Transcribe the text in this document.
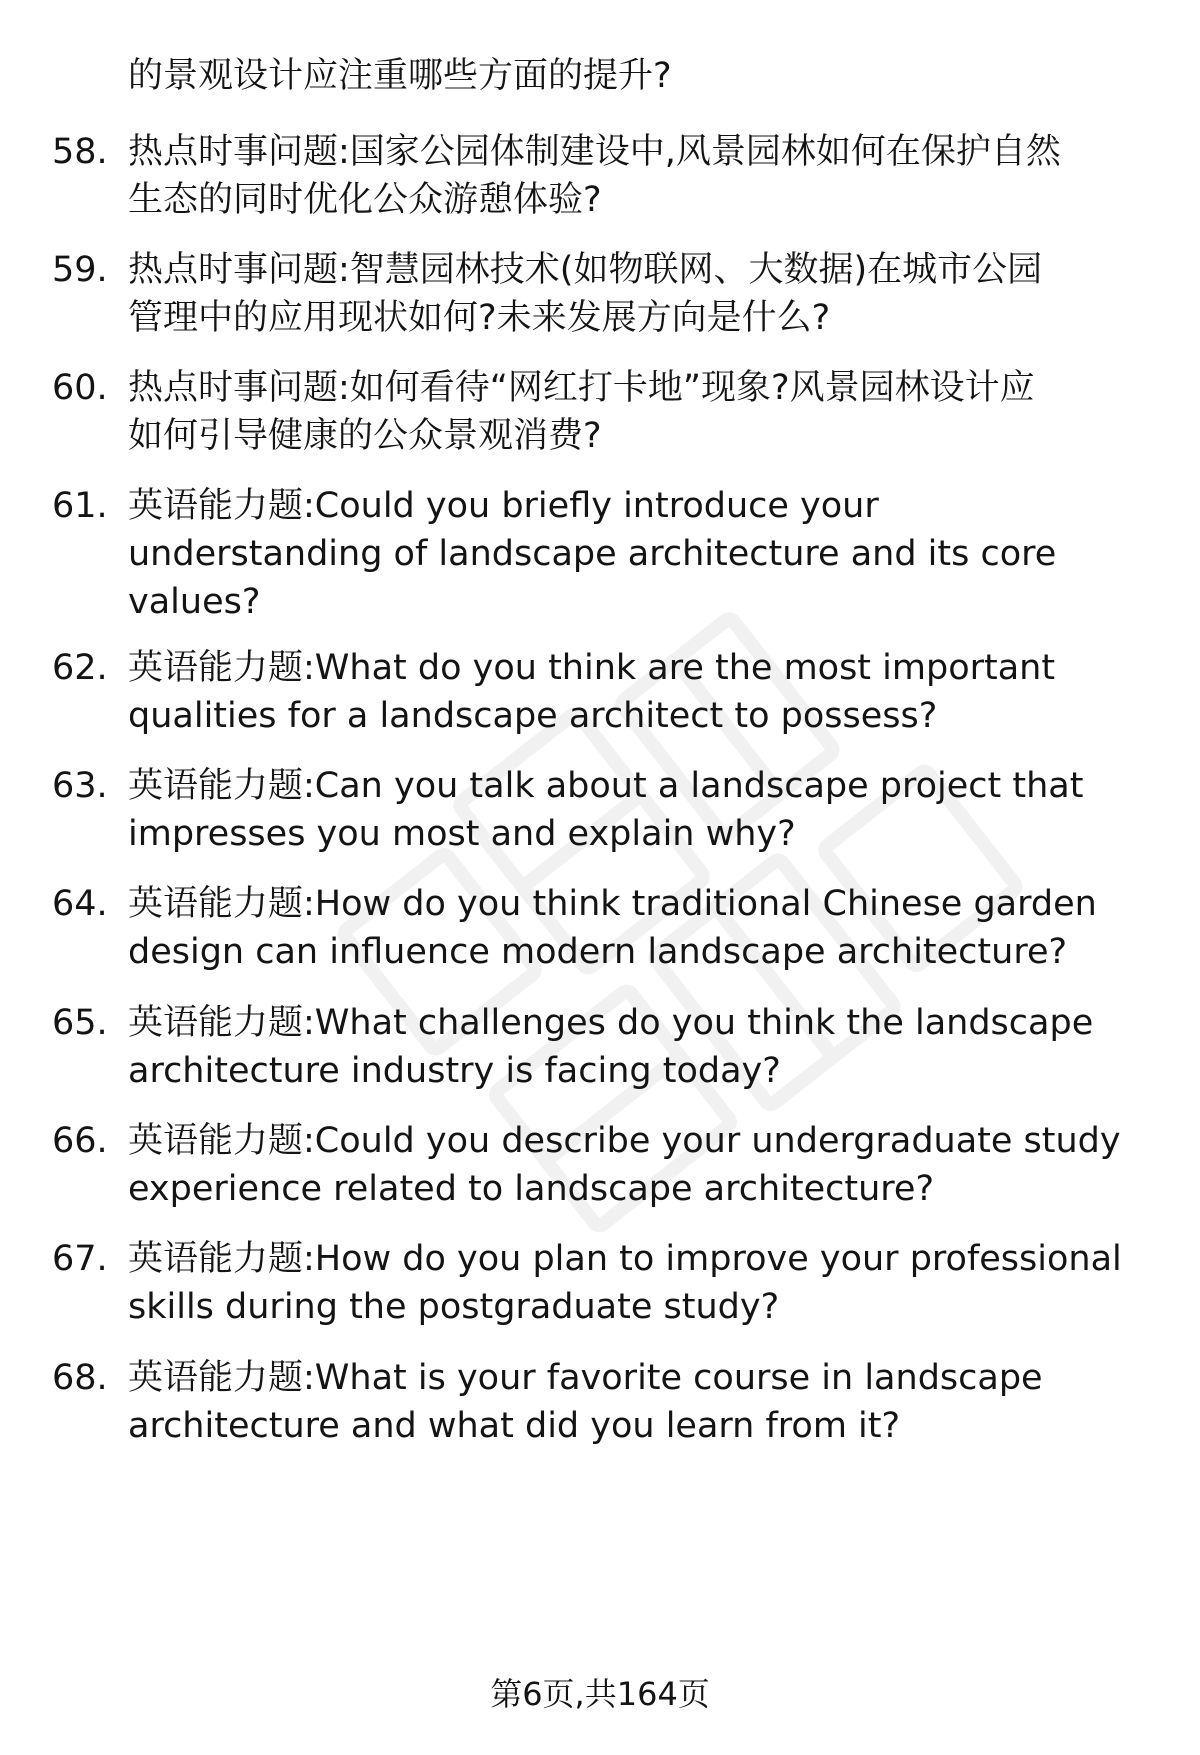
的景观设计应注重哪些方面的提升?
58. 热点时事问题:国家公园体制建设中,风景园林如何在保护自然
生态的同时优化公众游憩体验?
59. 热点时事问题:智慧园林技术(如物联网、大数据)在城市公园
管理中的应用现状如何?未来发展方向是什么?
60. 热点时事问题:如何看待“网红打卡地”现象?风景园林设计应
如何引导健康的公众景观消费?
61. 英语能力题:Could you briefly introduce your
understanding of landscape architecture and its core
values?
62. 英语能力题:What do you think are the most important
qualities for a landscape architect to possess?
63. 英语能力题:Can you talk about a landscape project that
impresses you most and explain why?
64. 英语能力题:How do you think traditional Chinese garden
design can influence modern landscape architecture?
65. 英语能力题:What challenges do you think the landscape
architecture industry is facing today?
66. 英语能力题:Could you describe your undergraduate study
experience related to landscape architecture?
67. 英语能力题:How do you plan to improve your professional
skills during the postgraduate study?
68. 英语能力题:What is your favorite course in landscape
architecture and what did you learn from it?
第6页,共164页
